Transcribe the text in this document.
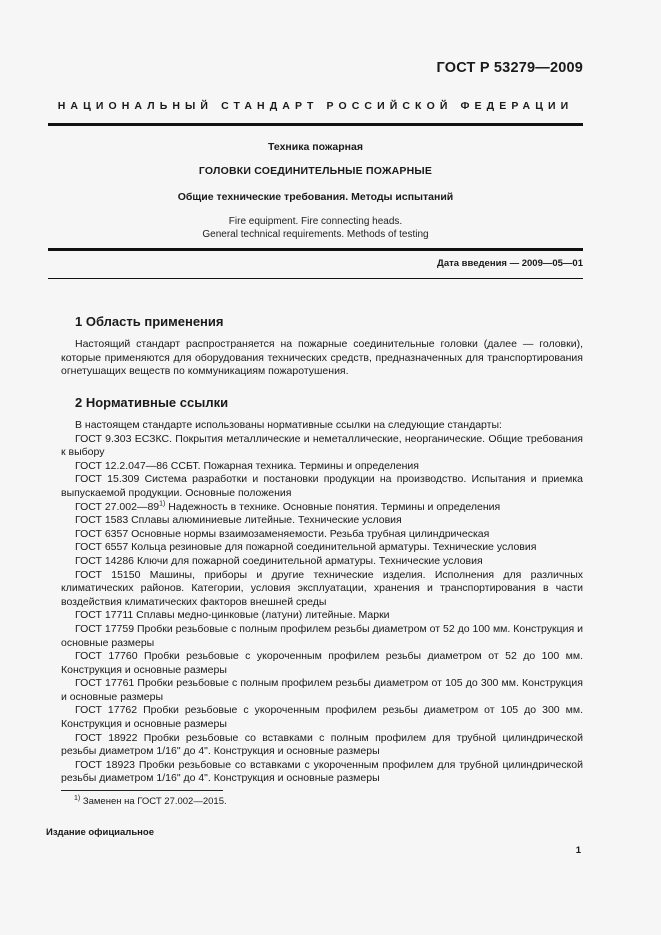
ГОСТ Р 53279—2009
НАЦИОНАЛЬНЫЙ СТАНДАРТ РОССИЙСКОЙ ФЕДЕРАЦИИ
Техника пожарная
ГОЛОВКИ СОЕДИНИТЕЛЬНЫЕ ПОЖАРНЫЕ
Общие технические требования. Методы испытаний
Fire equipment. Fire connecting heads.
General technical requirements. Methods of testing
Дата введения — 2009—05—01
1 Область применения

Настоящий стандарт распространяется на пожарные соединительные головки (далее — головки), которые применяются для оборудования технических средств, предназначенных для транспортирования огнетушащих веществ по коммуникациям пожаротушения.

2 Нормативные ссылки

В настоящем стандарте использованы нормативные ссылки на следующие стандарты:

ГОСТ 9.303 ЕСЗКС. Покрытия металлические и неметаллические, неорганические. Общие требования к выбору

ГОСТ 12.2.047—86 ССБТ. Пожарная техника. Термины и определения

ГОСТ 15.309 Система разработки и постановки продукции на производство. Испытания и приемка выпускаемой продукции. Основные положения

ГОСТ 27.002—89$^{1)}$ Надежность в технике. Основные понятия. Термины и определения

ГОСТ 1583 Сплавы алюминиевые литейные. Технические условия

ГОСТ 6357 Основные нормы взаимозаменяемости. Резьба трубная цилиндрическая

ГОСТ 6557 Кольца резиновые для пожарной соединительной арматуры. Технические условия

ГОСТ 14286 Ключи для пожарной соединительной арматуры. Технические условия

ГОСТ 15150 Машины, приборы и другие технические изделия. Исполнения для различных климатических районов. Категории, условия эксплуатации, хранения и транспортирования в части воздействия климатических факторов внешней среды

ГОСТ 17711 Сплавы медно-цинковые (латуни) литейные. Марки

ГОСТ 17759 Пробки резьбовые с полным профилем резьбы диаметром от 52 до 100 мм. Конструкция и основные размеры

ГОСТ 17760 Пробки резьбовые с укороченным профилем резьбы диаметром от 52 до 100 мм. Конструкция и основные размеры

ГОСТ 17761 Пробки резьбовые с полным профилем резьбы диаметром от 105 до 300 мм. Конструкция и основные размеры

ГОСТ 17762 Пробки резьбовые с укороченным профилем резьбы диаметром от 105 до 300 мм. Конструкция и основные размеры

ГОСТ 18922 Пробки резьбовые со вставками с полным профилем для трубной цилиндрической резьбы диаметром 1/16" до 4". Конструкция и основные размеры

ГОСТ 18923 Пробки резьбовые со вставками с укороченным профилем для трубной цилиндрической резьбы диаметром 1/16" до 4". Конструкция и основные размеры

$^{1)}$ Заменен на ГОСТ 27.002—2015.
Издание официальное
1
